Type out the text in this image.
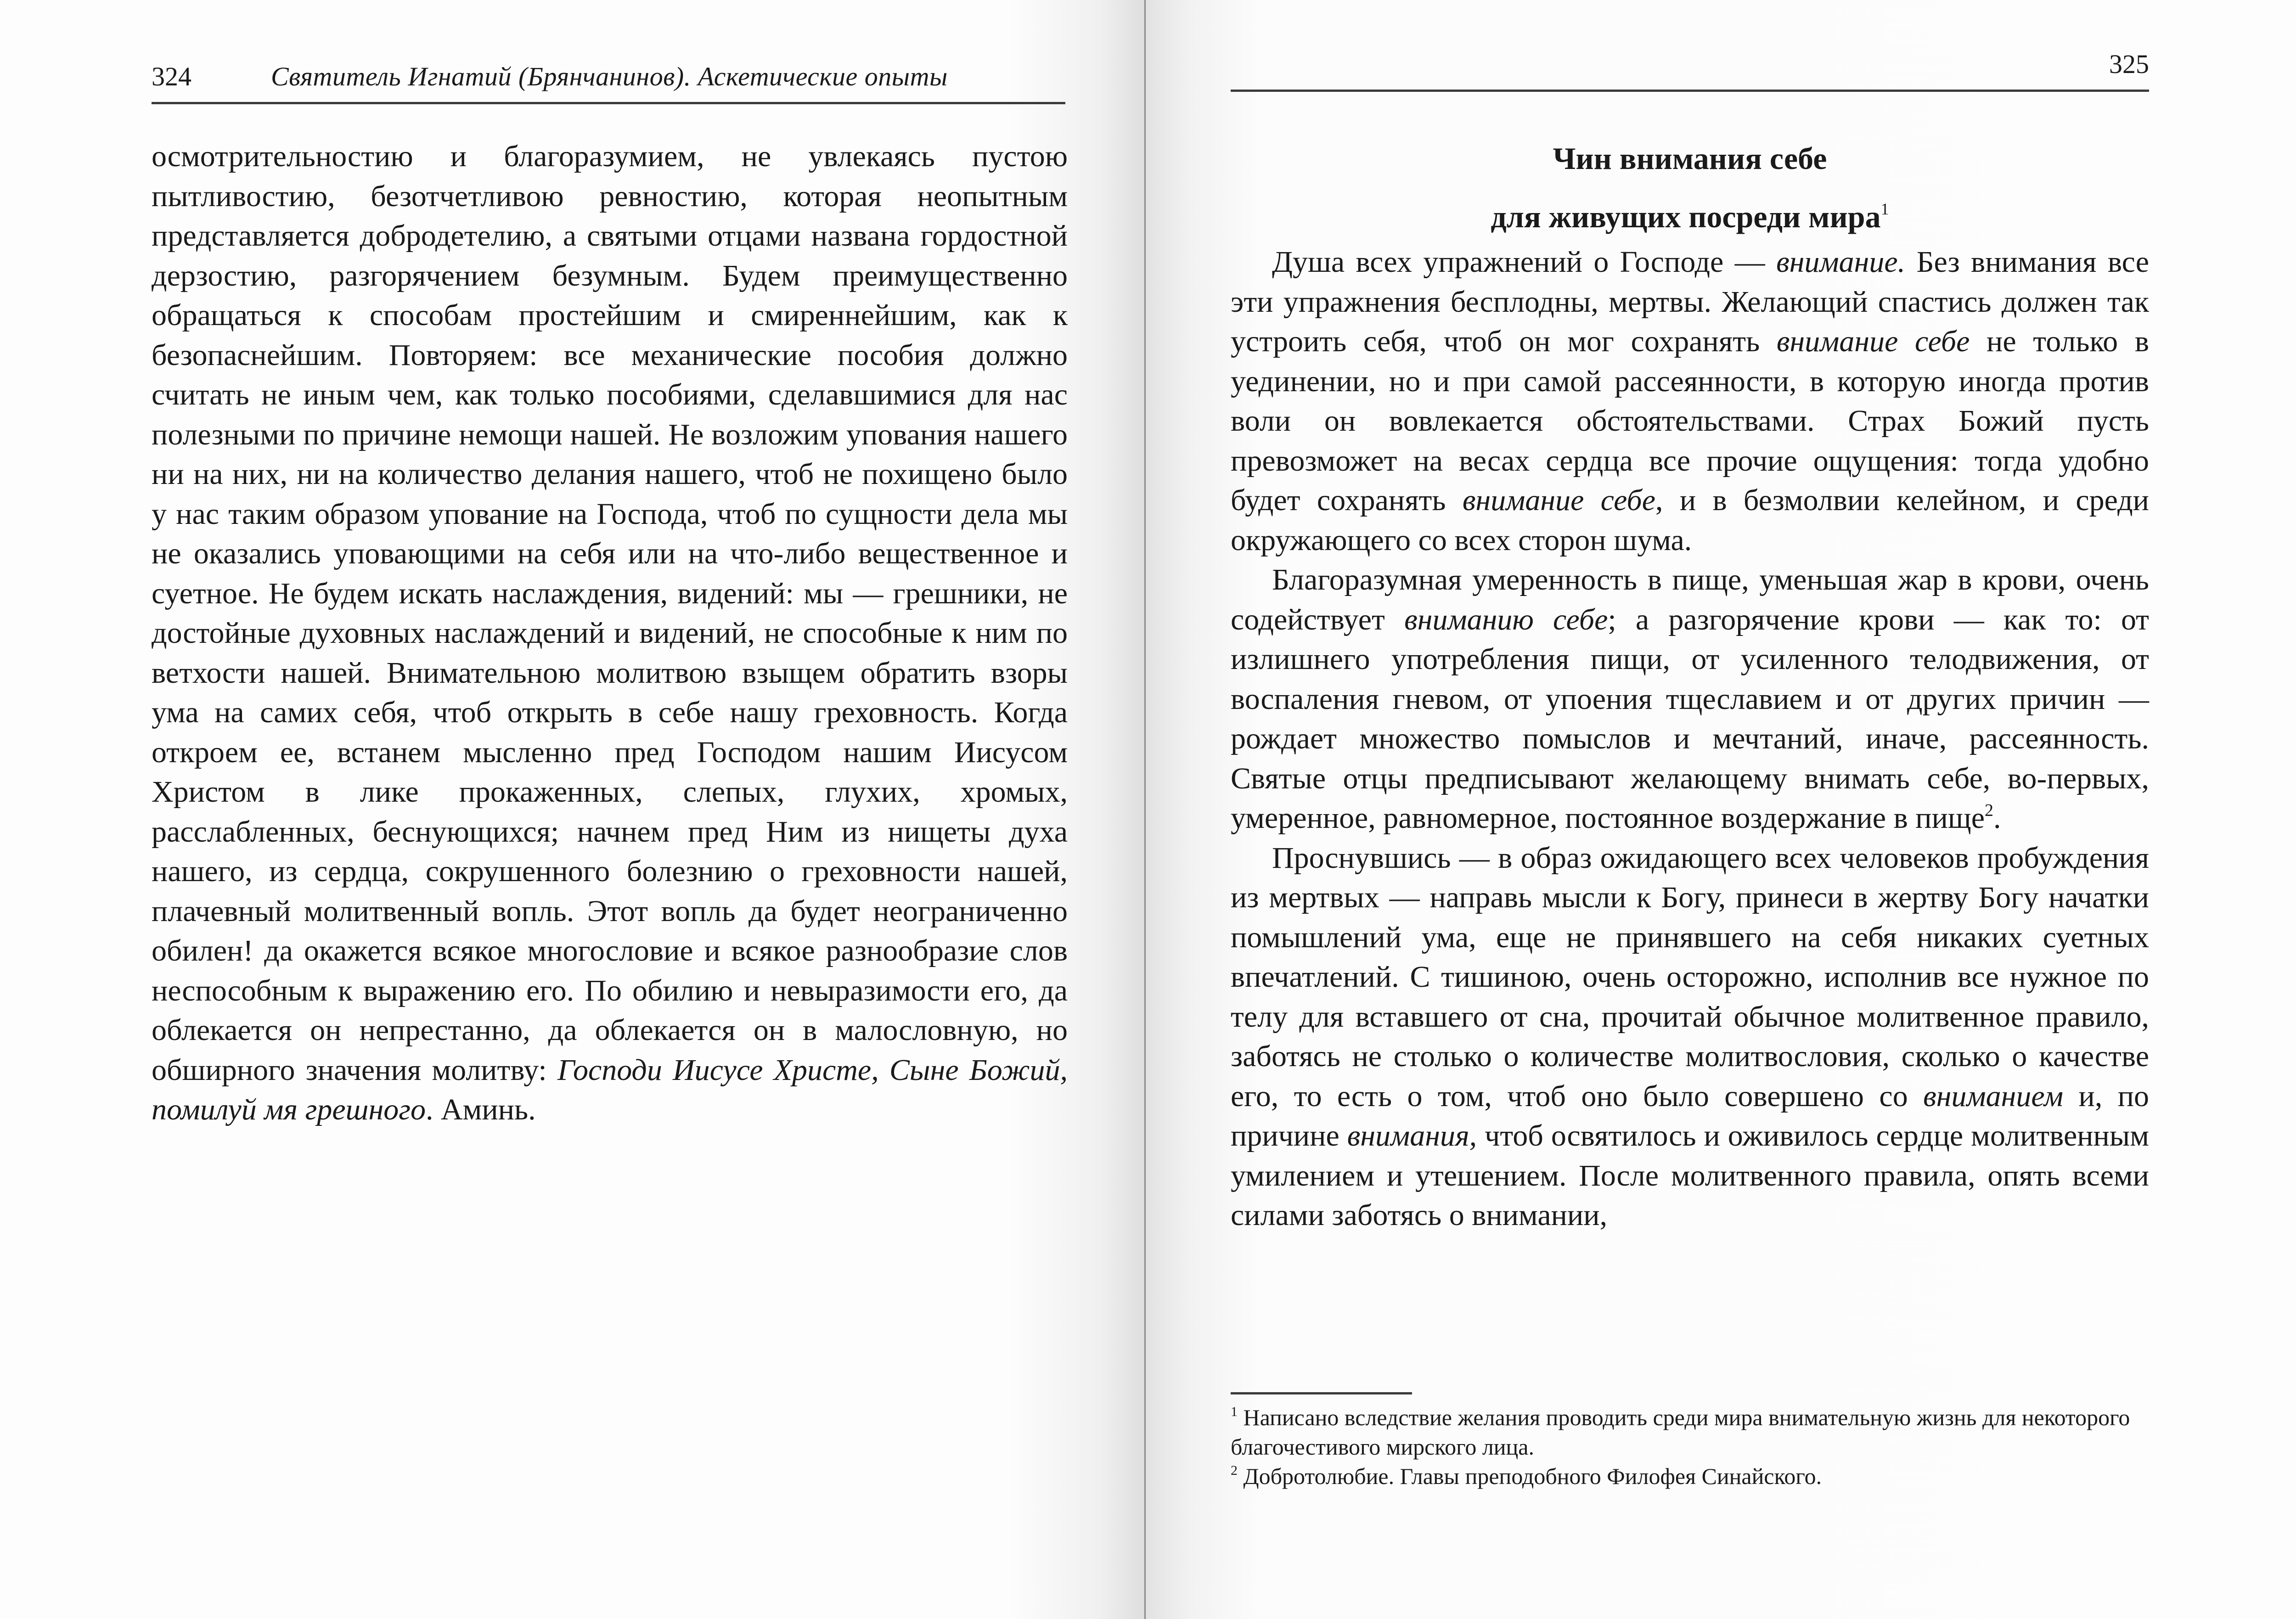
324	Святитель Игнатий (Брянчанинов). Аскетические опыты

осмотрительностию и благоразумием, не увлекаясь пустою пытливостию, безотчетливою ревностию, которая неопытным представляется добродетелию, а святыми отцами названа гордостной дерзостию, разгорячением безумным. Будем преимущественно обращаться к способам простейшим и смиреннейшим, как к безопаснейшим. Повторяем: все механические пособия должно считать не иным чем, как только пособиями, сделавшимися для нас полезными по причине немощи нашей. Не возложим упования нашего ни на них, ни на количество делания нашего, чтоб не похищено было у нас таким образом упование на Господа, чтоб по сущности дела мы не оказались уповающими на себя или на что-либо вещественное и суетное. Не будем искать наслаждения, видений: мы — грешники, не достойные духовных наслаждений и видений, не способные к ним по ветхости нашей. Внимательною молитвою взыщем обратить взоры ума на самих себя, чтоб открыть в себе нашу греховность. Когда откроем ее, встанем мысленно пред Господом нашим Иисусом Христом в лике прокаженных, слепых, глухих, хромых, расслабленных, беснующихся; начнем пред Ним из нищеты духа нашего, из сердца, сокрушенного болезнию о греховности нашей, плачевный молитвенный вопль. Этот вопль да будет неограниченно обилен! да окажется всякое многословие и всякое разнообразие слов неспособным к выражению его. По обилию и невыразимости его, да облекается он непрестанно, да облекается он в малословную, но обширного значения молитву: Господи Иисусе Христе, Сыне Божий, помилуй мя грешного. Аминь.

325
Чин внимания себе
для живущих посреди мира$^1$

Душа всех упражнений о Господе — внимание. Без внимания все эти упражнения бесплодны, мертвы. Желающий спастись должен так устроить себя, чтоб он мог сохранять внимание себе не только в уединении, но и при самой рассеянности, в которую иногда против воли он вовлекается обстоятельствами. Страх Божий пусть превозможет на весах сердца все прочие ощущения: тогда удобно будет сохранять внимание себе, и в безмолвии келейном, и среди окружающего со всех сторон шума.

Благоразумная умеренность в пище, уменьшая жар в крови, очень содействует вниманию себе; а разгорячение крови — как то: от излишнего употребления пищи, от усиленного телодвижения, от воспаления гневом, от упоения тщеславием и от других причин — рождает множество помыслов и мечтаний, иначе, рассеянность. Святые отцы предписывают желающему внимать себе, во-первых, умеренное, равномерное, постоянное воздержание в пище$^2$.

Проснувшись — в образ ожидающего всех человеков пробуждения из мертвых — направь мысли к Богу, принеси в жертву Богу начатки помышлений ума, еще не принявшего на себя никаких суетных впечатлений. С тишиною, очень осторожно, исполнив все нужное по телу для вставшего от сна, прочитай обычное молитвенное правило, заботясь не столько о количестве молитвословия, сколько о качестве его, то есть о том, чтоб оно было совершено со вниманием и, по причине внимания, чтоб освятилось и оживилось сердце молитвенным умилением и утешением. После молитвенного правила, опять всеми силами заботясь о внимании,

$^1$ Написано вследствие желания проводить среди мира внимательную жизнь для некоторого благочестивого мирского лица.

$^2$ Добротолюбие. Главы преподобного Филофея Синайского.
